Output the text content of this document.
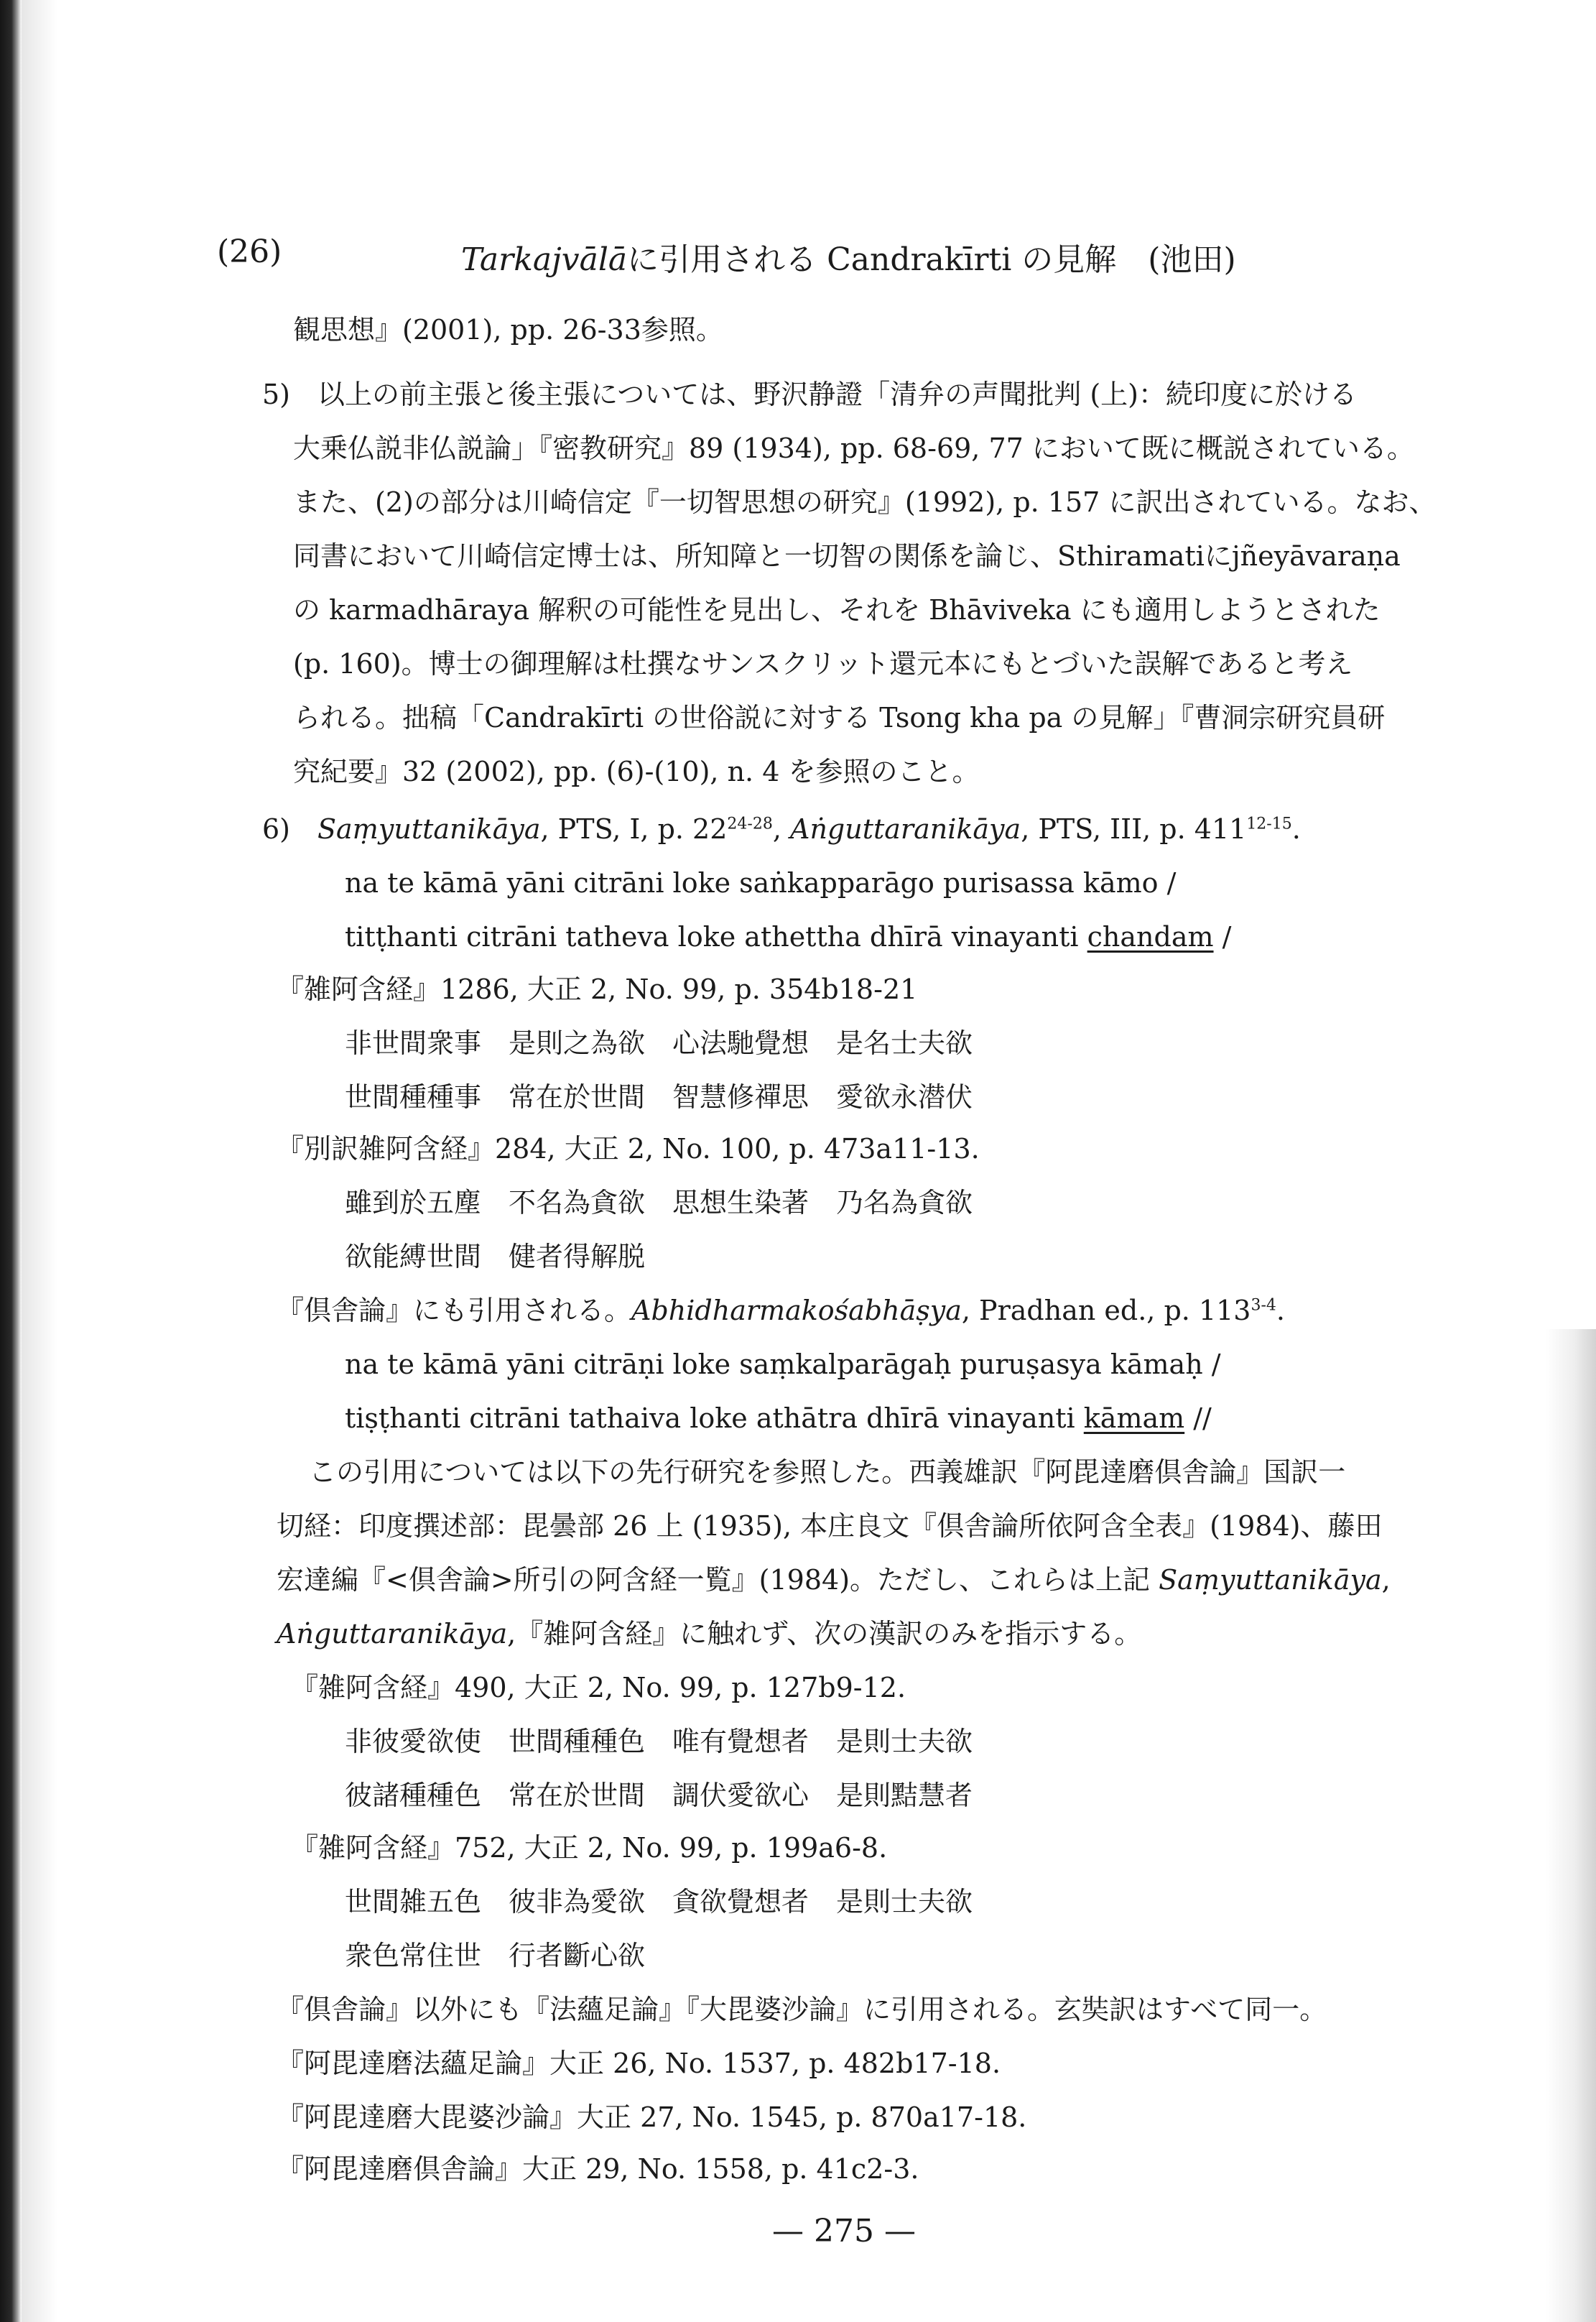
(26)	Tarkajvālāに引用される Candrakīrti の見解　(池田)
観思想』(2001), pp. 26-33参照。
5)　以上の前主張と後主張については、野沢静證「清弁の声聞批判 (上)：続印度に於ける
大乗仏説非仏説論」『密教研究』89 (1934), pp. 68-69, 77 において既に概説されている。
また、(2)の部分は川崎信定『一切智思想の研究』(1992), p. 157 に訳出されている。なお、
同書において川崎信定博士は、所知障と一切智の関係を論じ、Sthiramatiにjñeyāvaraṇa
の karmadhāraya 解釈の可能性を見出し、それを Bhāviveka にも適用しようとされた
(p. 160)。博士の御理解は杜撰なサンスクリット還元本にもとづいた誤解であると考え
られる。拙稿「Candrakīrti の世俗説に対する Tsong kha pa の見解」『曹洞宗研究員研
究紀要』32 (2002), pp. (6)-(10), n. 4 を参照のこと。
6)　Saṃyuttanikāya, PTS, I, p. 22$^{24-28}$, Aṅguttaranikāya, PTS, III, p. 411$^{12-15}$.
na te kāmā yāni citrāni loke saṅkapparāgo purisassa kāmo /
titṭhanti citrāni tatheva loke athettha dhīrā vinayanti chandam /
『雑阿含経』1286, 大正 2, No. 99, p. 354b18-21
非世間衆事　是則之為欲　心法馳覺想　是名士夫欲
世間種種事　常在於世間　智慧修禪思　愛欲永潜伏
『別訳雑阿含経』284, 大正 2, No. 100, p. 473a11-13.
雖到於五塵　不名為貪欲　思想生染著　乃名為貪欲
欲能縛世間　健者得解脱
『倶舎論』にも引用される。Abhidharmakośabhāṣya, Pradhan ed., p. 113$^{3-4}$.
na te kāmā yāni citrāṇi loke saṃkalparāgaḥ puruṣasya kāmaḥ /
tiṣṭhanti citrāni tathaiva loke athātra dhīrā vinayanti kāmam //
この引用については以下の先行研究を参照した。西義雄訳『阿毘達磨倶舎論』国訳一
切経：印度撰述部：毘曇部 26 上 (1935), 本庄良文『倶舎論所依阿含全表』(1984)、藤田
宏達編『<倶舎論>所引の阿含経一覧』(1984)。ただし、これらは上記 Saṃyuttanikāya,
Aṅguttaranikāya,『雑阿含経』に触れず、次の漢訳のみを指示する。
『雑阿含経』490, 大正 2, No. 99, p. 127b9-12.
非彼愛欲使　世間種種色　唯有覺想者　是則士夫欲
彼諸種種色　常在於世間　調伏愛欲心　是則黠慧者
『雑阿含経』752, 大正 2, No. 99, p. 199a6-8.
世間雑五色　彼非為愛欲　貪欲覺想者　是則士夫欲
衆色常住世　行者斷心欲
『倶舎論』以外にも『法蘊足論』『大毘婆沙論』に引用される。玄奘訳はすべて同一。
『阿毘達磨法蘊足論』大正 26, No. 1537, p. 482b17-18.
『阿毘達磨大毘婆沙論』大正 27, No. 1545, p. 870a17-18.
『阿毘達磨倶舎論』大正 29, No. 1558, p. 41c2-3.
— 275 —
